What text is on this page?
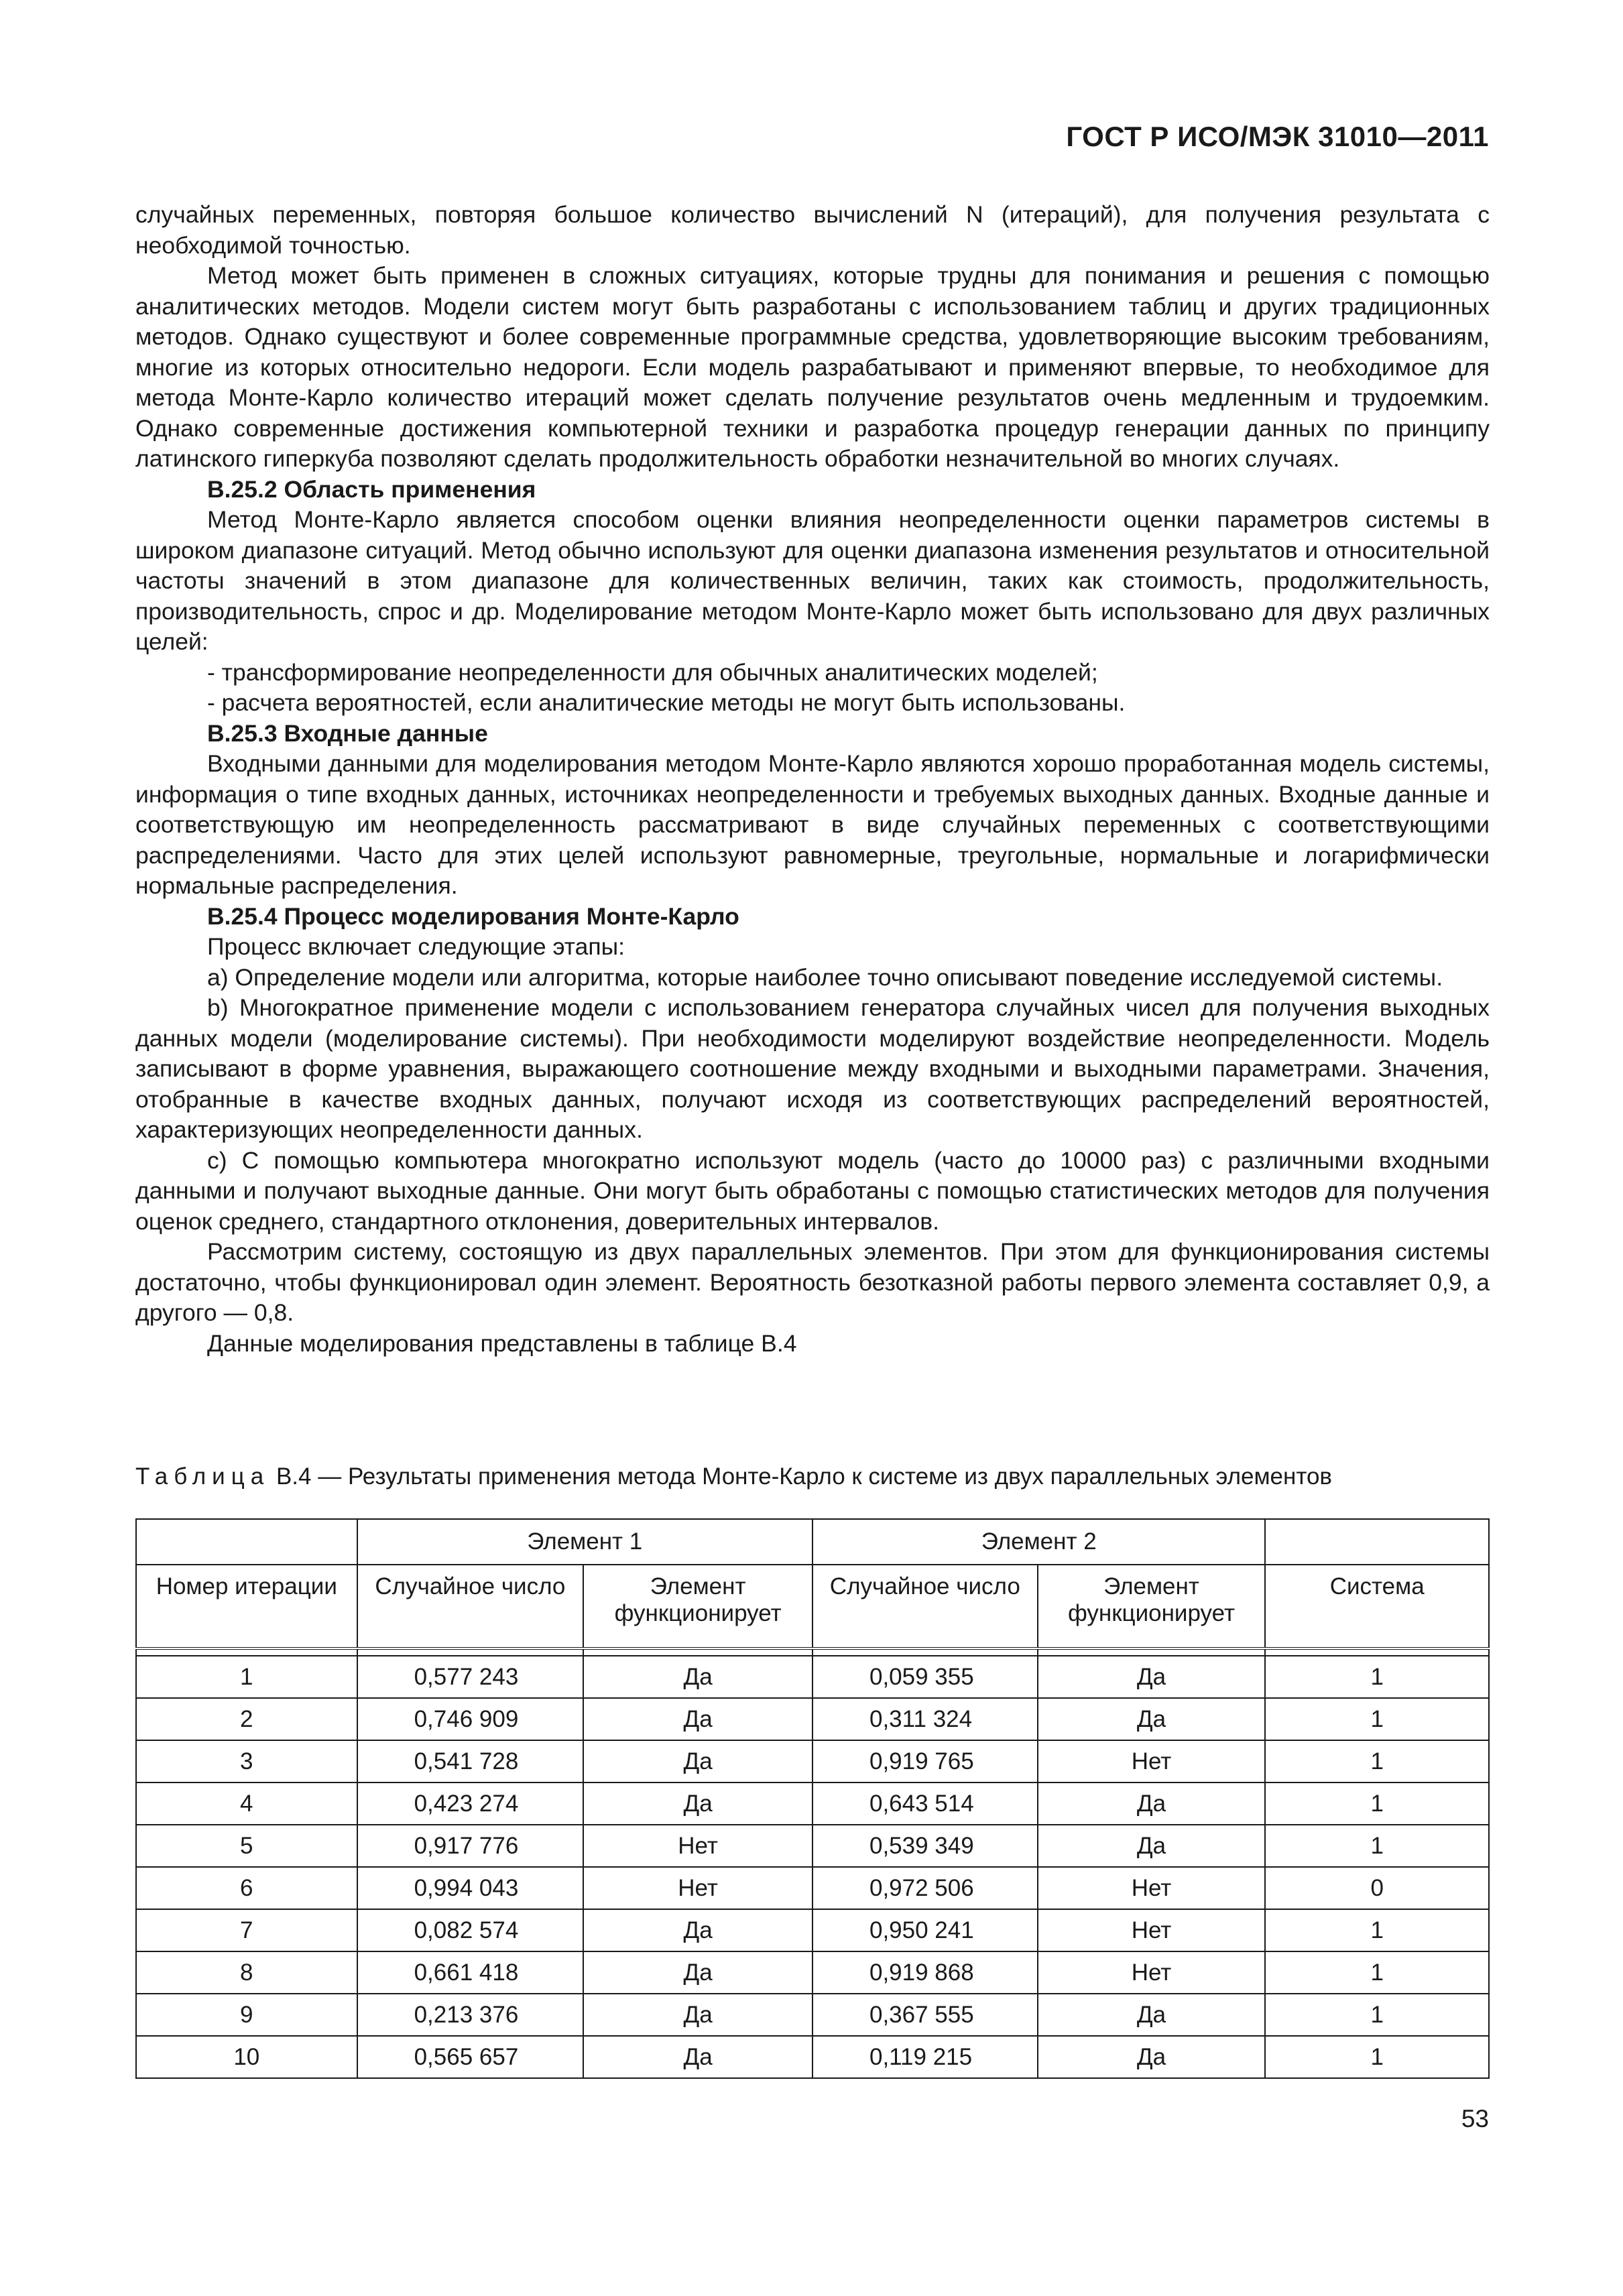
ГОСТ Р ИСО/МЭК 31010—2011

случайных переменных, повторяя большое количество вычислений N (итераций), для получения результата с необходимой точностью.

Метод может быть применен в сложных ситуациях, которые трудны для понимания и решения с помощью аналитических методов. Модели систем могут быть разработаны с использованием таблиц и других традиционных методов. Однако существуют и более современные программные средства, удовлетворяющие высоким требованиям, многие из которых относительно недороги. Если модель разрабатывают и применяют впервые, то необходимое для метода Монте-Карло количество итераций может сделать получение результатов очень медленным и трудоемким. Однако современные достижения компьютерной техники и разработка процедур генерации данных по принципу латинского гиперкуба позволяют сделать продолжительность обработки незначительной во многих случаях.

В.25.2 Область применения

Метод Монте-Карло является способом оценки влияния неопределенности оценки параметров системы в широком диапазоне ситуаций. Метод обычно используют для оценки диапазона изменения результатов и относительной частоты значений в этом диапазоне для количественных величин, таких как стоимость, продолжительность, производительность, спрос и др. Моделирование методом Монте-Карло может быть использовано для двух различных целей:

- трансформирование неопределенности для обычных аналитических моделей;

- расчета вероятностей, если аналитические методы не могут быть использованы.

В.25.3 Входные данные

Входными данными для моделирования методом Монте-Карло являются хорошо проработанная модель системы, информация о типе входных данных, источниках неопределенности и требуемых выходных данных. Входные данные и соответствующую им неопределенность рассматривают в виде случайных переменных с соответствующими распределениями. Часто для этих целей используют равномерные, треугольные, нормальные и логарифмически нормальные распределения.

В.25.4 Процесс моделирования Монте-Карло

Процесс включает следующие этапы:

а) Определение модели или алгоритма, которые наиболее точно описывают поведение исследуемой системы.

b) Многократное применение модели с использованием генератора случайных чисел для получения выходных данных модели (моделирование системы). При необходимости моделируют воздействие неопределенности. Модель записывают в форме уравнения, выражающего соотношение между входными и выходными параметрами. Значения, отобранные в качестве входных данных, получают исходя из соответствующих распределений вероятностей, характеризующих неопределенности данных.

с) С помощью компьютера многократно используют модель (часто до 10000 раз) с различными входными данными и получают выходные данные. Они могут быть обработаны с помощью статистических методов для получения оценок среднего, стандартного отклонения, доверительных интервалов.

Рассмотрим систему, состоящую из двух параллельных элементов. При этом для функционирования системы достаточно, чтобы функционировал один элемент. Вероятность безотказной работы первого элемента составляет 0,9, а другого — 0,8.

Данные моделирования представлены в таблице В.4

Таблица В.4 — Результаты применения метода Монте-Карло к системе из двух параллельных элементов
	Элемент 1		Элемент 2		
Номер итерации	Случайное число	Элемент функционирует	Случайное число	Элемент функционирует	Система

1	0,577 243	Да	0,059 355	Да	1
2	0,746 909	Да	0,311 324	Да	1
3	0,541 728	Да	0,919 765	Нет	1
4	0,423 274	Да	0,643 514	Да	1
5	0,917 776	Нет	0,539 349	Да	1
6	0,994 043	Нет	0,972 506	Нет	0
7	0,082 574	Да	0,950 241	Нет	1
8	0,661 418	Да	0,919 868	Нет	1
9	0,213 376	Да	0,367 555	Да	1
10	0,565 657	Да	0,119 215	Да	1
53
